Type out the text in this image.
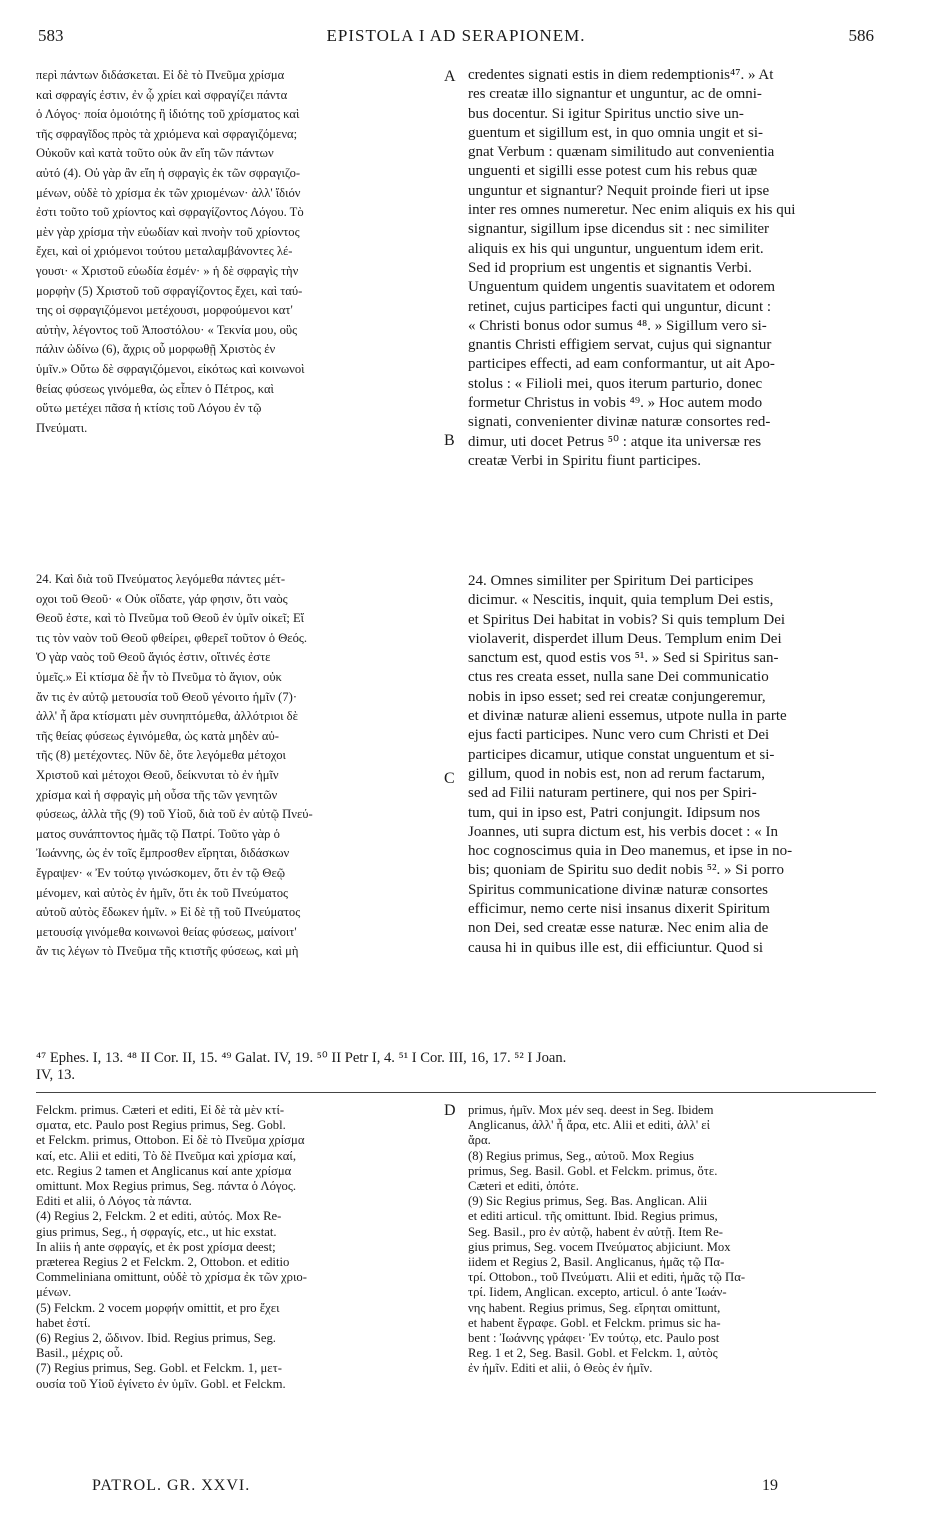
583	EPISTOLA I AD SERAPIONEM.	586
περὶ πάντων διδάσκεται. Εἰ δὲ τὸ Πνεῦμα χρίσμα
καὶ σφραγίς ἐστιν, ἐν ᾧ χρίει καὶ σφραγίζει πάντα
ὁ Λόγος· ποία ὁμοιότης ἢ ἰδιότης τοῦ χρίσματος καὶ
τῆς σφραγῖδος πρὸς τὰ χριόμενα καὶ σφραγιζόμενα;
Οὐκοῦν καὶ κατὰ τοῦτο οὐκ ἂν εἴη τῶν πάντων
αὐτό (4). Οὐ γὰρ ἂν εἴη ἡ σφραγὶς ἐκ τῶν σφραγιζο-
μένων, οὐδὲ τὸ χρίσμα ἐκ τῶν χριομένων· ἀλλ' ἴδιόν
ἐστι τοῦτο τοῦ χρίοντος καὶ σφραγίζοντος Λόγου. Τὸ
μὲν γὰρ χρίσμα τὴν εὐωδίαν καὶ πνοὴν τοῦ χρίοντος
ἔχει, καὶ οἱ χριόμενοι τούτου μεταλαμβάνοντες λέ-
γουσι· « Χριστοῦ εὐωδία ἐσμέν· » ἡ δὲ σφραγὶς τὴν
μορφὴν (5) Χριστοῦ τοῦ σφραγίζοντος ἔχει, καὶ ταύ-
της οἱ σφραγιζόμενοι μετέχουσι, μορφούμενοι κατ'
αὐτὴν, λέγοντος τοῦ Ἀποστόλου· « Τεκνία μου, οὓς
πάλιν ὠδίνω (6), ἄχρις οὗ μορφωθῇ Χριστὸς ἐν
ὑμῖν.» Οὕτω δὲ σφραγιζόμενοι, εἰκότως καὶ κοινωνοὶ
θείας φύσεως γινόμεθα, ὡς εἶπεν ὁ Πέτρος, καὶ
οὕτω μετέχει πᾶσα ἡ κτίσις τοῦ Λόγου ἐν τῷ
Πνεύματι.
24. Καὶ διὰ τοῦ Πνεύματος λεγόμεθα πάντες μέτ-
οχοι τοῦ Θεοῦ· « Οὐκ οἴδατε, γάρ φησιν, ὅτι ναὸς
Θεοῦ ἐστε, καὶ τὸ Πνεῦμα τοῦ Θεοῦ ἐν ὑμῖν οἰκεῖ; Εἴ
τις τὸν ναὸν τοῦ Θεοῦ φθείρει, φθερεῖ τοῦτον ὁ Θεός.
Ὁ γὰρ ναὸς τοῦ Θεοῦ ἅγιός ἐστιν, οἵτινές ἐστε
ὑμεῖς.» Εἰ κτίσμα δὲ ἦν τὸ Πνεῦμα τὸ ἅγιον, οὐκ
ἄν τις ἐν αὐτῷ μετουσία τοῦ Θεοῦ γένοιτο ἡμῖν (7)·
ἀλλ' ἦ ἄρα κτίσματι μὲν συνηπτόμεθα, ἀλλότριοι δὲ
τῆς θείας φύσεως ἐγινόμεθα, ὡς κατὰ μηδὲν αὐ-
τῆς (8) μετέχοντες. Νῦν δὲ, ὅτε λεγόμεθα μέτοχοι
Χριστοῦ καὶ μέτοχοι Θεοῦ, δείκνυται τὸ ἐν ἡμῖν
χρίσμα καὶ ἡ σφραγὶς μὴ οὖσα τῆς τῶν γενητῶν
φύσεως, ἀλλὰ τῆς (9) τοῦ Υἱοῦ, διὰ τοῦ ἐν αὐτῷ Πνεύ-
ματος συνάπτοντος ἡμᾶς τῷ Πατρί. Τοῦτο γὰρ ὁ
Ἰωάννης, ὡς ἐν τοῖς ἔμπροσθεν εἴρηται, διδάσκων
ἔγραψεν· « Ἐν τούτῳ γινώσκομεν, ὅτι ἐν τῷ Θεῷ
μένομεν, καὶ αὐτὸς ἐν ἡμῖν, ὅτι ἐκ τοῦ Πνεύματος
αὐτοῦ αὐτὸς ἔδωκεν ἡμῖν. » Εἰ δὲ τῇ τοῦ Πνεύματος
μετουσίᾳ γινόμεθα κοινωνοὶ θείας φύσεως, μαίνοιτ'
ἄν τις λέγων τὸ Πνεῦμα τῆς κτιστῆς φύσεως, καὶ μὴ
credentes signati estis in diem redemptionis⁴⁷. » At
res creatæ illo signantur et unguntur, ac de omni-
bus docentur. Si igitur Spiritus unctio sive un-
guentum et sigillum est, in quo omnia ungit et si-
gnat Verbum : quænam similitudo aut convenientia
unguenti et sigilli esse potest cum his rebus quæ
unguntur et signantur? Nequit proinde fieri ut ipse
inter res omnes numeretur. Nec enim aliquis ex his qui
signantur, sigillum ipse dicendus sit : nec similiter
aliquis ex his qui unguntur, unguentum idem erit.
Sed id proprium est ungentis et signantis Verbi.
Unguentum quidem ungentis suavitatem et odorem
retinet, cujus participes facti qui unguntur, dicunt :
« Christi bonus odor sumus ⁴⁸. » Sigillum vero si-
gnantis Christi effigiem servat, cujus qui signantur
participes effecti, ad eam conformantur, ut ait Apo-
stolus : « Filioli mei, quos iterum parturio, donec
formetur Christus in vobis ⁴⁹. » Hoc autem modo
signati, convenienter divinæ naturæ consortes red-
dimur, uti docet Petrus ⁵⁰ : atque ita universæ res
creatæ Verbi in Spiritu fiunt participes.
24. Omnes similiter per Spiritum Dei participes
dicimur. « Nescitis, inquit, quia templum Dei estis,
et Spiritus Dei habitat in vobis? Si quis templum Dei
violaverit, disperdet illum Deus. Templum enim Dei
sanctum est, quod estis vos ⁵¹. » Sed si Spiritus san-
ctus res creata esset, nulla sane Dei communicatio
nobis in ipso esset; sed rei creatæ conjungeremur,
et divinæ naturæ alieni essemus, utpote nulla in parte
ejus facti participes. Nunc vero cum Christi et Dei
participes dicamur, utique constat unguentum et si-
gillum, quod in nobis est, non ad rerum factarum,
sed ad Filii naturam pertinere, qui nos per Spiri-
tum, qui in ipso est, Patri conjungit. Idipsum nos
Joannes, uti supra dictum est, his verbis docet : « In
hoc cognoscimus quia in Deo manemus, et ipse in no-
bis; quoniam de Spiritu suo dedit nobis ⁵². » Si porro
Spiritus communicatione divinæ naturæ consortes
efficimur, nemo certe nisi insanus dixerit Spiritum
non Dei, sed creatæ esse naturæ. Nec enim alia de
causa hi in quibus ille est, dii efficiuntur. Quod si
A
B
C
D
⁴⁷ Ephes. I, 13. ⁴⁸ II Cor. II, 15. ⁴⁹ Galat. IV, 19. ⁵⁰ II Petr I, 4. ⁵¹ I Cor. III, 16, 17. ⁵² I Joan.
IV, 13.
Felckm. primus. Cæteri et editi, Εἰ δὲ τὰ μὲν κτί-
σματα, etc. Paulo post Regius primus, Seg. Gobl.
et Felckm. primus, Ottobon. Εἰ δὲ τὸ Πνεῦμα χρίσμα
καί, etc. Alii et editi, Τὸ δὲ Πνεῦμα καὶ χρίσμα καί,
etc. Regius 2 tamen et Anglicanus καί ante χρίσμα
omittunt. Mox Regius primus, Seg. πάντα ὁ Λόγος.
Editi et alii, ὁ Λόγος τὰ πάντα.
(4) Regius 2, Felckm. 2 et editi, αὐτός. Mox Re-
gius primus, Seg., ἡ σφραγίς, etc., ut hic exstat.
In aliis ἡ ante σφραγίς, et ἐκ post χρίσμα deest;
præterea Regius 2 et Felckm. 2, Ottobon. et editio
Commeliniana omittunt, οὐδὲ τὸ χρίσμα ἐκ τῶν χριο-
μένων.
(5) Felckm. 2 vocem μορφήν omittit, et pro ἔχει
habet ἐστί.
(6) Regius 2, ὤδινον. Ibid. Regius primus, Seg.
Basil., μέχρις οὗ.
(7) Regius primus, Seg. Gobl. et Felckm. 1, μετ-
ουσία τοῦ Υἱοῦ ἐγίνετο ἐν ὑμῖν. Gobl. et Felckm.
primus, ἡμῖν. Mox μέν seq. deest in Seg. Ibidem
Anglicanus, ἀλλ' ἦ ἄρα, etc. Alii et editi, ἀλλ' εἰ
ἄρα.
(8) Regius primus, Seg., αὐτοῦ. Mox Regius
primus, Seg. Basil. Gobl. et Felckm. primus, ὅτε.
Cæteri et editi, ὁπότε.
(9) Sic Regius primus, Seg. Bas. Anglican. Alii
et editi articul. τῆς omittunt. Ibid. Regius primus,
Seg. Basil., pro ἐν αὐτῷ, habent ἐν αὐτῇ. Item Re-
gius primus, Seg. vocem Πνεύματος abjiciunt. Mox
iidem et Regius 2, Basil. Anglicanus, ἡμᾶς τῷ Πα-
τρί. Ottobon., τοῦ Πνεύματι. Alii et editi, ἡμᾶς τῷ Πα-
τρί. Iidem, Anglican. excepto, articul. ὁ ante Ἰωάν-
νης habent. Regius primus, Seg. εἴρηται omittunt,
et habent ἔγραφε. Gobl. et Felckm. primus sic ha-
bent : Ἰωάννης γράφει· Ἐν τούτῳ, etc. Paulo post
Reg. 1 et 2, Seg. Basil. Gobl. et Felckm. 1, αὐτὸς
ἐν ἡμῖν. Editi et alii, ὁ Θεὸς ἐν ἡμῖν.
PATROL. GR. XXVI.	19
